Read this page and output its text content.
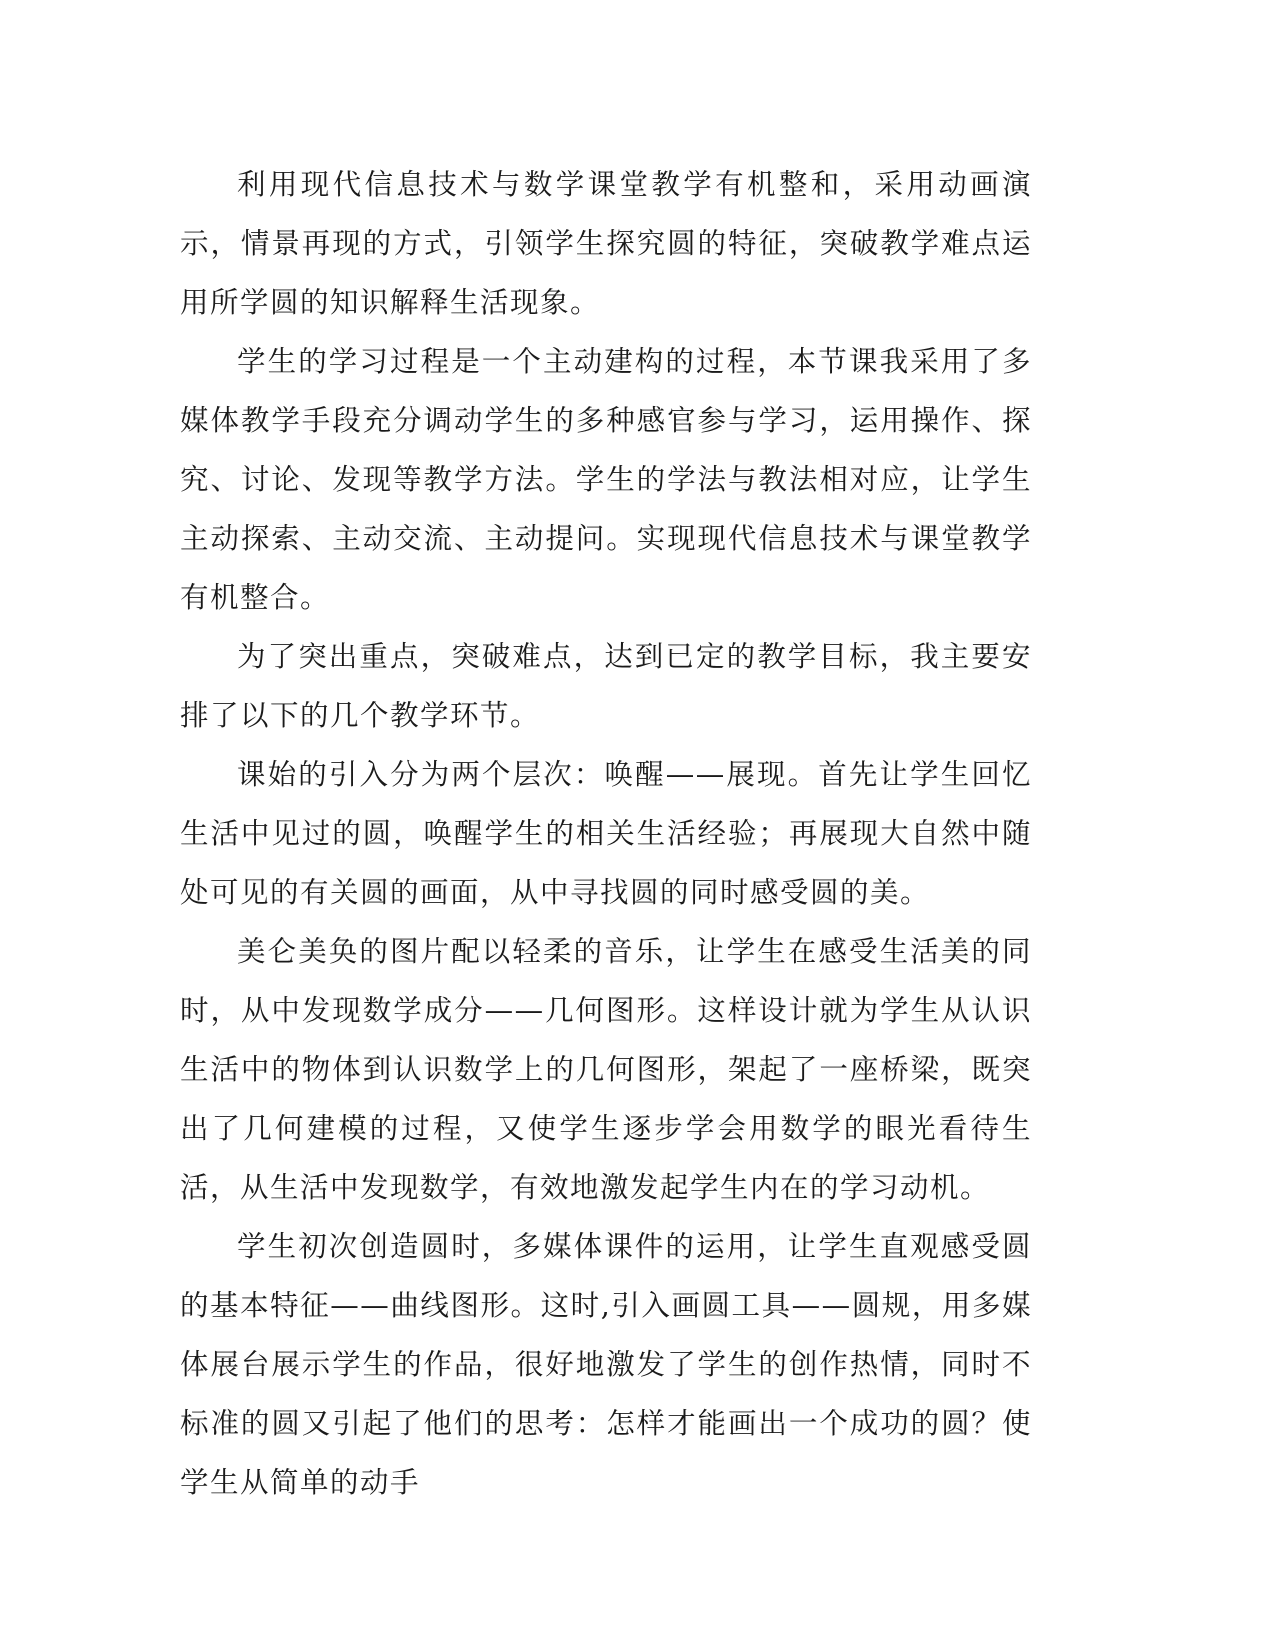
利用现代信息技术与数学课堂教学有机整和，采用动画演示，情景再现的方式，引领学生探究圆的特征，突破教学难点运用所学圆的知识解释生活现象。

学生的学习过程是一个主动建构的过程，本节课我采用了多媒体教学手段充分调动学生的多种感官参与学习，运用操作、探究、讨论、发现等教学方法。学生的学法与教法相对应，让学生主动探索、主动交流、主动提问。实现现代信息技术与课堂教学有机整合。

为了突出重点，突破难点，达到已定的教学目标，我主要安排了以下的几个教学环节。

课始的引入分为两个层次：唤醒——展现。首先让学生回忆生活中见过的圆，唤醒学生的相关生活经验；再展现大自然中随处可见的有关圆的画面，从中寻找圆的同时感受圆的美。

美仑美奂的图片配以轻柔的音乐，让学生在感受生活美的同时，从中发现数学成分——几何图形。这样设计就为学生从认识生活中的物体到认识数学上的几何图形，架起了一座桥梁，既突出了几何建模的过程，又使学生逐步学会用数学的眼光看待生活，从生活中发现数学，有效地激发起学生内在的学习动机。

学生初次创造圆时，多媒体课件的运用，让学生直观感受圆的基本特征——曲线图形。这时,引入画圆工具——圆规，用多媒体展台展示学生的作品，很好地激发了学生的创作热情，同时不标准的圆又引起了他们的思考：怎样才能画出一个成功的圆？使学生从简单的动手
